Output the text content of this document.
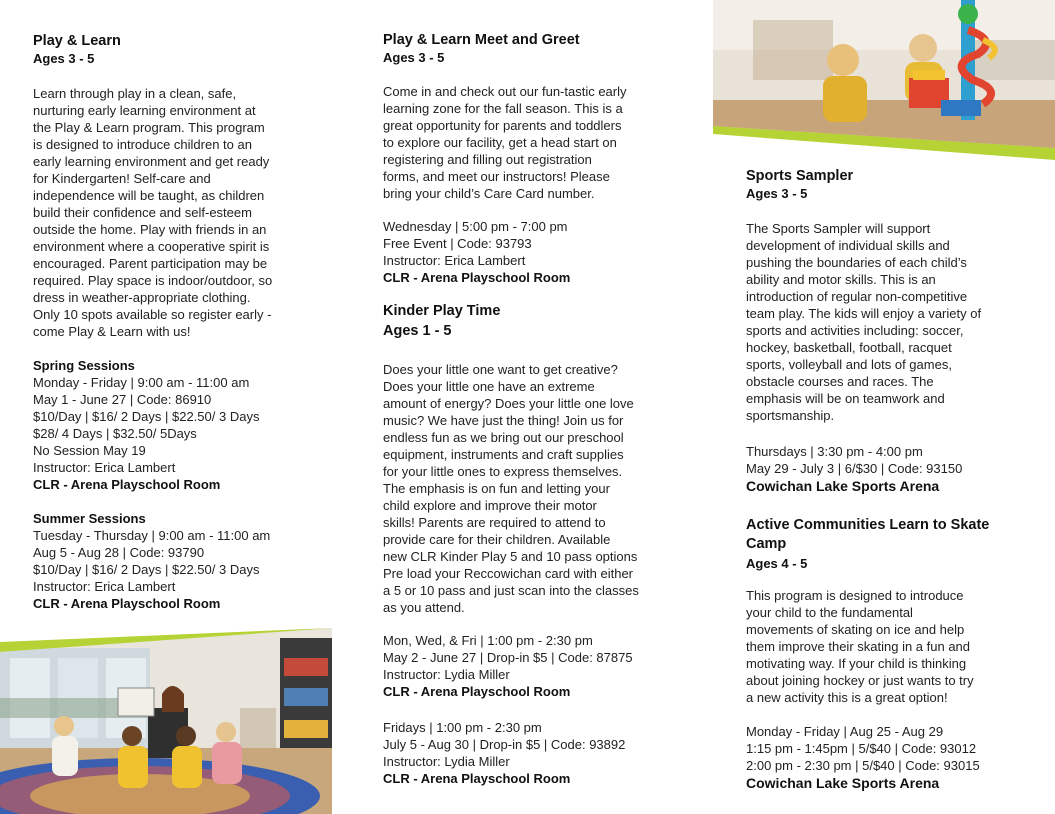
Play & Learn
Ages 3 - 5
Learn through play in a clean, safe,
nurturing early learning environment at
the Play & Learn program. This program
is designed to introduce children to an
early learning environment and get ready
for Kindergarten! Self-care and
independence will be taught, as children
build their confidence and self-esteem
outside the home. Play with friends in an
environment where a cooperative spirit is
encouraged. Parent participation may be
required. Play space is indoor/outdoor, so
dress in weather-appropriate clothing.
Only 10 spots available so register early -
come Play & Learn with us!
Spring Sessions
Monday - Friday | 9:00 am - 11:00 am
May 1 - June 27 | Code: 86910
$10/Day | $16/ 2 Days | $22.50/ 3 Days
$28/ 4 Days | $32.50/ 5Days
No Session May 19
Instructor: Erica Lambert
CLR - Arena Playschool Room
Summer Sessions
Tuesday - Thursday | 9:00 am - 11:00 am
Aug 5 - Aug 28 | Code: 93790
$10/Day | $16/ 2 Days | $22.50/ 3 Days
Instructor: Erica Lambert
CLR - Arena Playschool Room
Play & Learn Meet and Greet
Ages 3 - 5
Come in and check out our fun-tastic early
learning zone for the fall season. This is a
great opportunity for parents and toddlers
to explore our facility, get a head start on
registering and filling out registration
forms, and meet our instructors! Please
bring your child’s Care Card number.
Wednesday | 5:00 pm - 7:00 pm
Free Event | Code: 93793
Instructor: Erica Lambert
CLR - Arena Playschool Room
Kinder Play Time
Ages 1 - 5
Does your little one want to get creative?
Does your little one have an extreme
amount of energy? Does your little one love
music? We have just the thing! Join us for
endless fun as we bring out our preschool
equipment, instruments and craft supplies
for your little ones to express themselves.
The emphasis is on fun and letting your
child explore and improve their motor
skills! Parents are required to attend to
provide care for their children. Available
new CLR Kinder Play 5 and 10 pass options
Pre load your Reccowichan card with either
a 5 or 10 pass and just scan into the classes
as you attend.
Mon, Wed, & Fri | 1:00 pm - 2:30 pm
May 2 - June 27 | Drop-in $5 | Code: 87875
Instructor: Lydia Miller
CLR - Arena Playschool Room
Fridays | 1:00 pm - 2:30 pm
July 5 - Aug 30 | Drop-in $5 | Code: 93892
Instructor: Lydia Miller
CLR - Arena Playschool Room
Sports Sampler
Ages 3 - 5
The Sports Sampler will support
development of individual skills and
pushing the boundaries of each child’s
ability and motor skills. This is an
introduction of regular non-competitive
team play. The kids will enjoy a variety of
sports and activities including: soccer,
hockey, basketball, football, racquet
sports, volleyball and lots of games,
obstacle courses and races. The
emphasis will be on teamwork and
sportsmanship.
Thursdays | 3:30 pm - 4:00 pm
May 29 - July 3 | 6/$30 | Code: 93150
Cowichan Lake Sports Arena
Active Communities Learn to Skate
Camp
Ages 4 - 5
This program is designed to introduce
your child to the fundamental
movements of skating on ice and help
them improve their skating in a fun and
motivating way. If your child is thinking
about joining hockey or just wants to try
a new activity this is a great option!
Monday - Friday | Aug 25 - Aug 29
1:15 pm - 1:45pm | 5/$40 | Code: 93012
2:00 pm - 2:30 pm | 5/$40 | Code: 93015
Cowichan Lake Sports Arena
